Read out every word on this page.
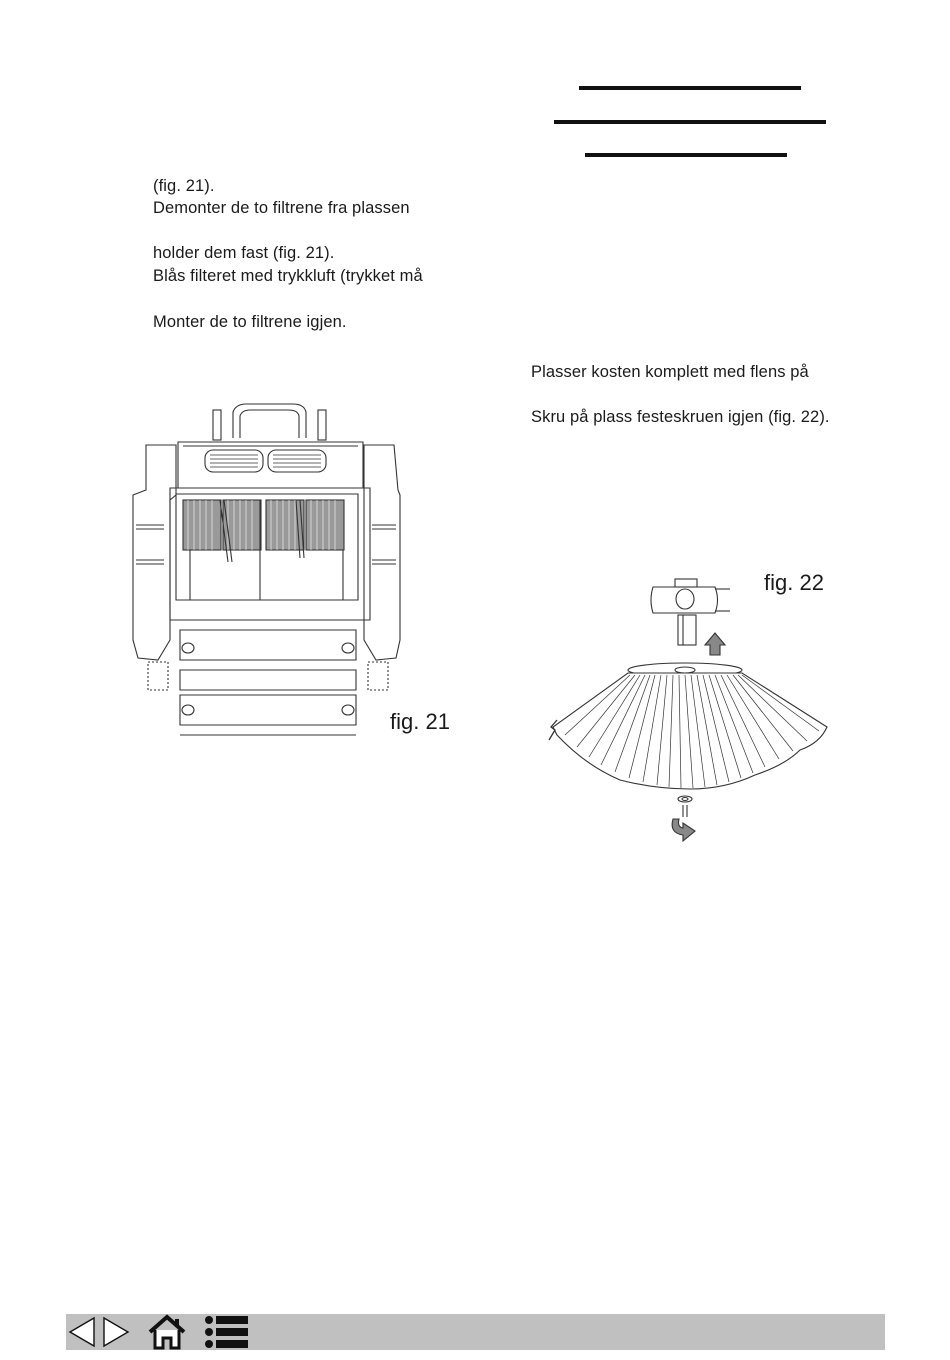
(fig. 21).
Demonter de to filtrene fra plassen
holder dem fast (fig. 21).
Blås filteret med trykkluft (trykket må
Monter de to filtrene igjen.
Plasser kosten komplett med flens på
Skru på plass festeskruen igjen (fig. 22).
fig. 21
fig. 22
